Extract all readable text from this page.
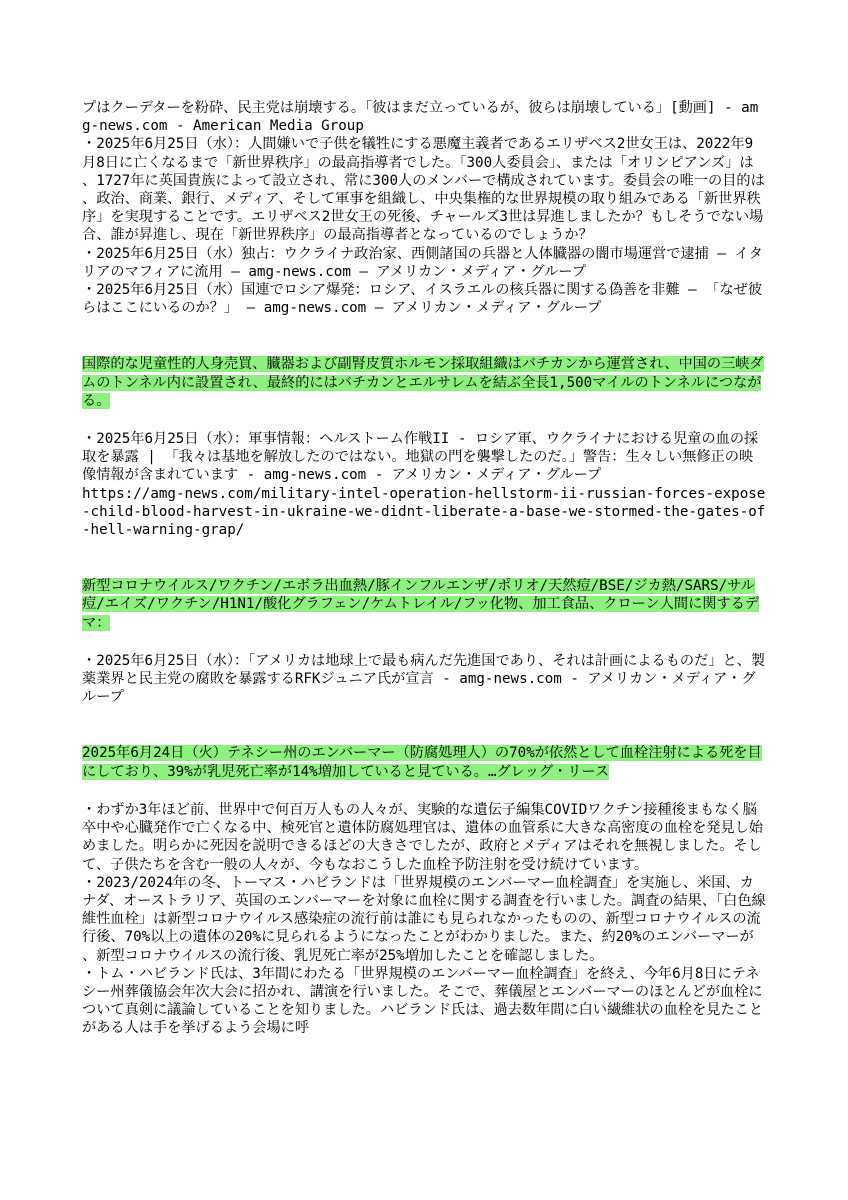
プはクーデターを粉砕、民主党は崩壊する。「彼はまだ立っているが、彼らは崩壊している」[動画] - amg-news.com - American Media Group
・2025年6月25日（水）：人間嫌いで子供を犠牲にする悪魔主義者であるエリザベス2世女王は、2022年9月8日に亡くなるまで「新世界秩序」の最高指導者でした。「300人委員会」、または「オリンピアンズ」は、1727年に英国貴族によって設立され、常に300人のメンバーで構成されています。委員会の唯一の目的は、政治、商業、銀行、メディア、そして軍事を組織し、中央集権的な世界規模の取り組みである「新世界秩序」を実現することです。エリザベス2世女王の死後、チャールズ3世は昇進しましたか？もしそうでない場合、誰が昇進し、現在「新世界秩序」の最高指導者となっているのでしょうか？
・2025年6月25日（水）独占：ウクライナ政治家、西側諸国の兵器と人体臓器の闇市場運営で逮捕 — イタリアのマフィアに流用 — amg-news.com — アメリカン・メディア・グループ
・2025年6月25日（水）国連でロシア爆発：ロシア、イスラエルの核兵器に関する偽善を非難 — 「なぜ彼らはここにいるのか？」 — amg-news.com — アメリカン・メディア・グループ

国際的な児童性的人身売買、臓器および副腎皮質ホルモン採取組織はバチカンから運営され、中国の三峡ダムのトンネル内に設置され、最終的にはバチカンとエルサレムを結ぶ全長1,500マイルのトンネルにつながる。

・2025年6月25日（水）：軍事情報：ヘルストーム作戦II - ロシア軍、ウクライナにおける児童の血の採取を暴露 | 「我々は基地を解放したのではない。地獄の門を襲撃したのだ。」警告：生々しい無修正の映像情報が含まれています - amg-news.com - アメリカン・メディア・グループ
https://amg-news.com/military-intel-operation-hellstorm-ii-russian-forces-expose-child-blood-harvest-in-ukraine-we-didnt-liberate-a-base-we-stormed-the-gates-of-hell-warning-grap/

新型コロナウイルス/ワクチン/エボラ出血熱/豚インフルエンザ/ポリオ/天然痘/BSE/ジカ熱/SARS/サル痘/エイズ/ワクチン/H1N1/酸化グラフェン/ケムトレイル/フッ化物、加工食品、クローン人間に関するデマ：

・2025年6月25日（水）：「アメリカは地球上で最も病んだ先進国であり、それは計画によるものだ」と、製薬業界と民主党の腐敗を暴露するRFKジュニア氏が宣言 - amg-news.com - アメリカン・メディア・グループ

2025年6月24日（火）テネシー州のエンバーマー（防腐処理人）の70%が依然として血栓注射による死を目にしており、39%が乳児死亡率が14%増加していると見ている。…グレッグ・リース

・わずか3年ほど前、世界中で何百万人もの人々が、実験的な遺伝子編集COVIDワクチン接種後まもなく脳卒中や心臓発作で亡くなる中、検死官と遺体防腐処理官は、遺体の血管系に大きな高密度の血栓を発見し始めました。明らかに死因を説明できるほどの大きさでしたが、政府とメディアはそれを無視しました。そして、子供たちを含む一般の人々が、今もなおこうした血栓予防注射を受け続けています。
・2023/2024年の冬、トーマス・ハビランドは「世界規模のエンバーマー血栓調査」を実施し、米国、カナダ、オーストラリア、英国のエンバーマーを対象に血栓に関する調査を行いました。調査の結果、「白色線維性血栓」は新型コロナウイルス感染症の流行前は誰にも見られなかったものの、新型コロナウイルスの流行後、70%以上の遺体の20%に見られるようになったことがわかりました。また、約20%のエンバーマーが、新型コロナウイルスの流行後、乳児死亡率が25%増加したことを確認しました。
・トム・ハビランド氏は、3年間にわたる「世界規模のエンバーマー血栓調査」を終え、今年6月8日にテネシー州葬儀協会年次大会に招かれ、講演を行いました。そこで、葬儀屋とエンバーマーのほとんどが血栓について真剣に議論していることを知りました。ハビランド氏は、過去数年間に白い繊維状の血栓を見たことがある人は手を挙げるよう会場に呼
